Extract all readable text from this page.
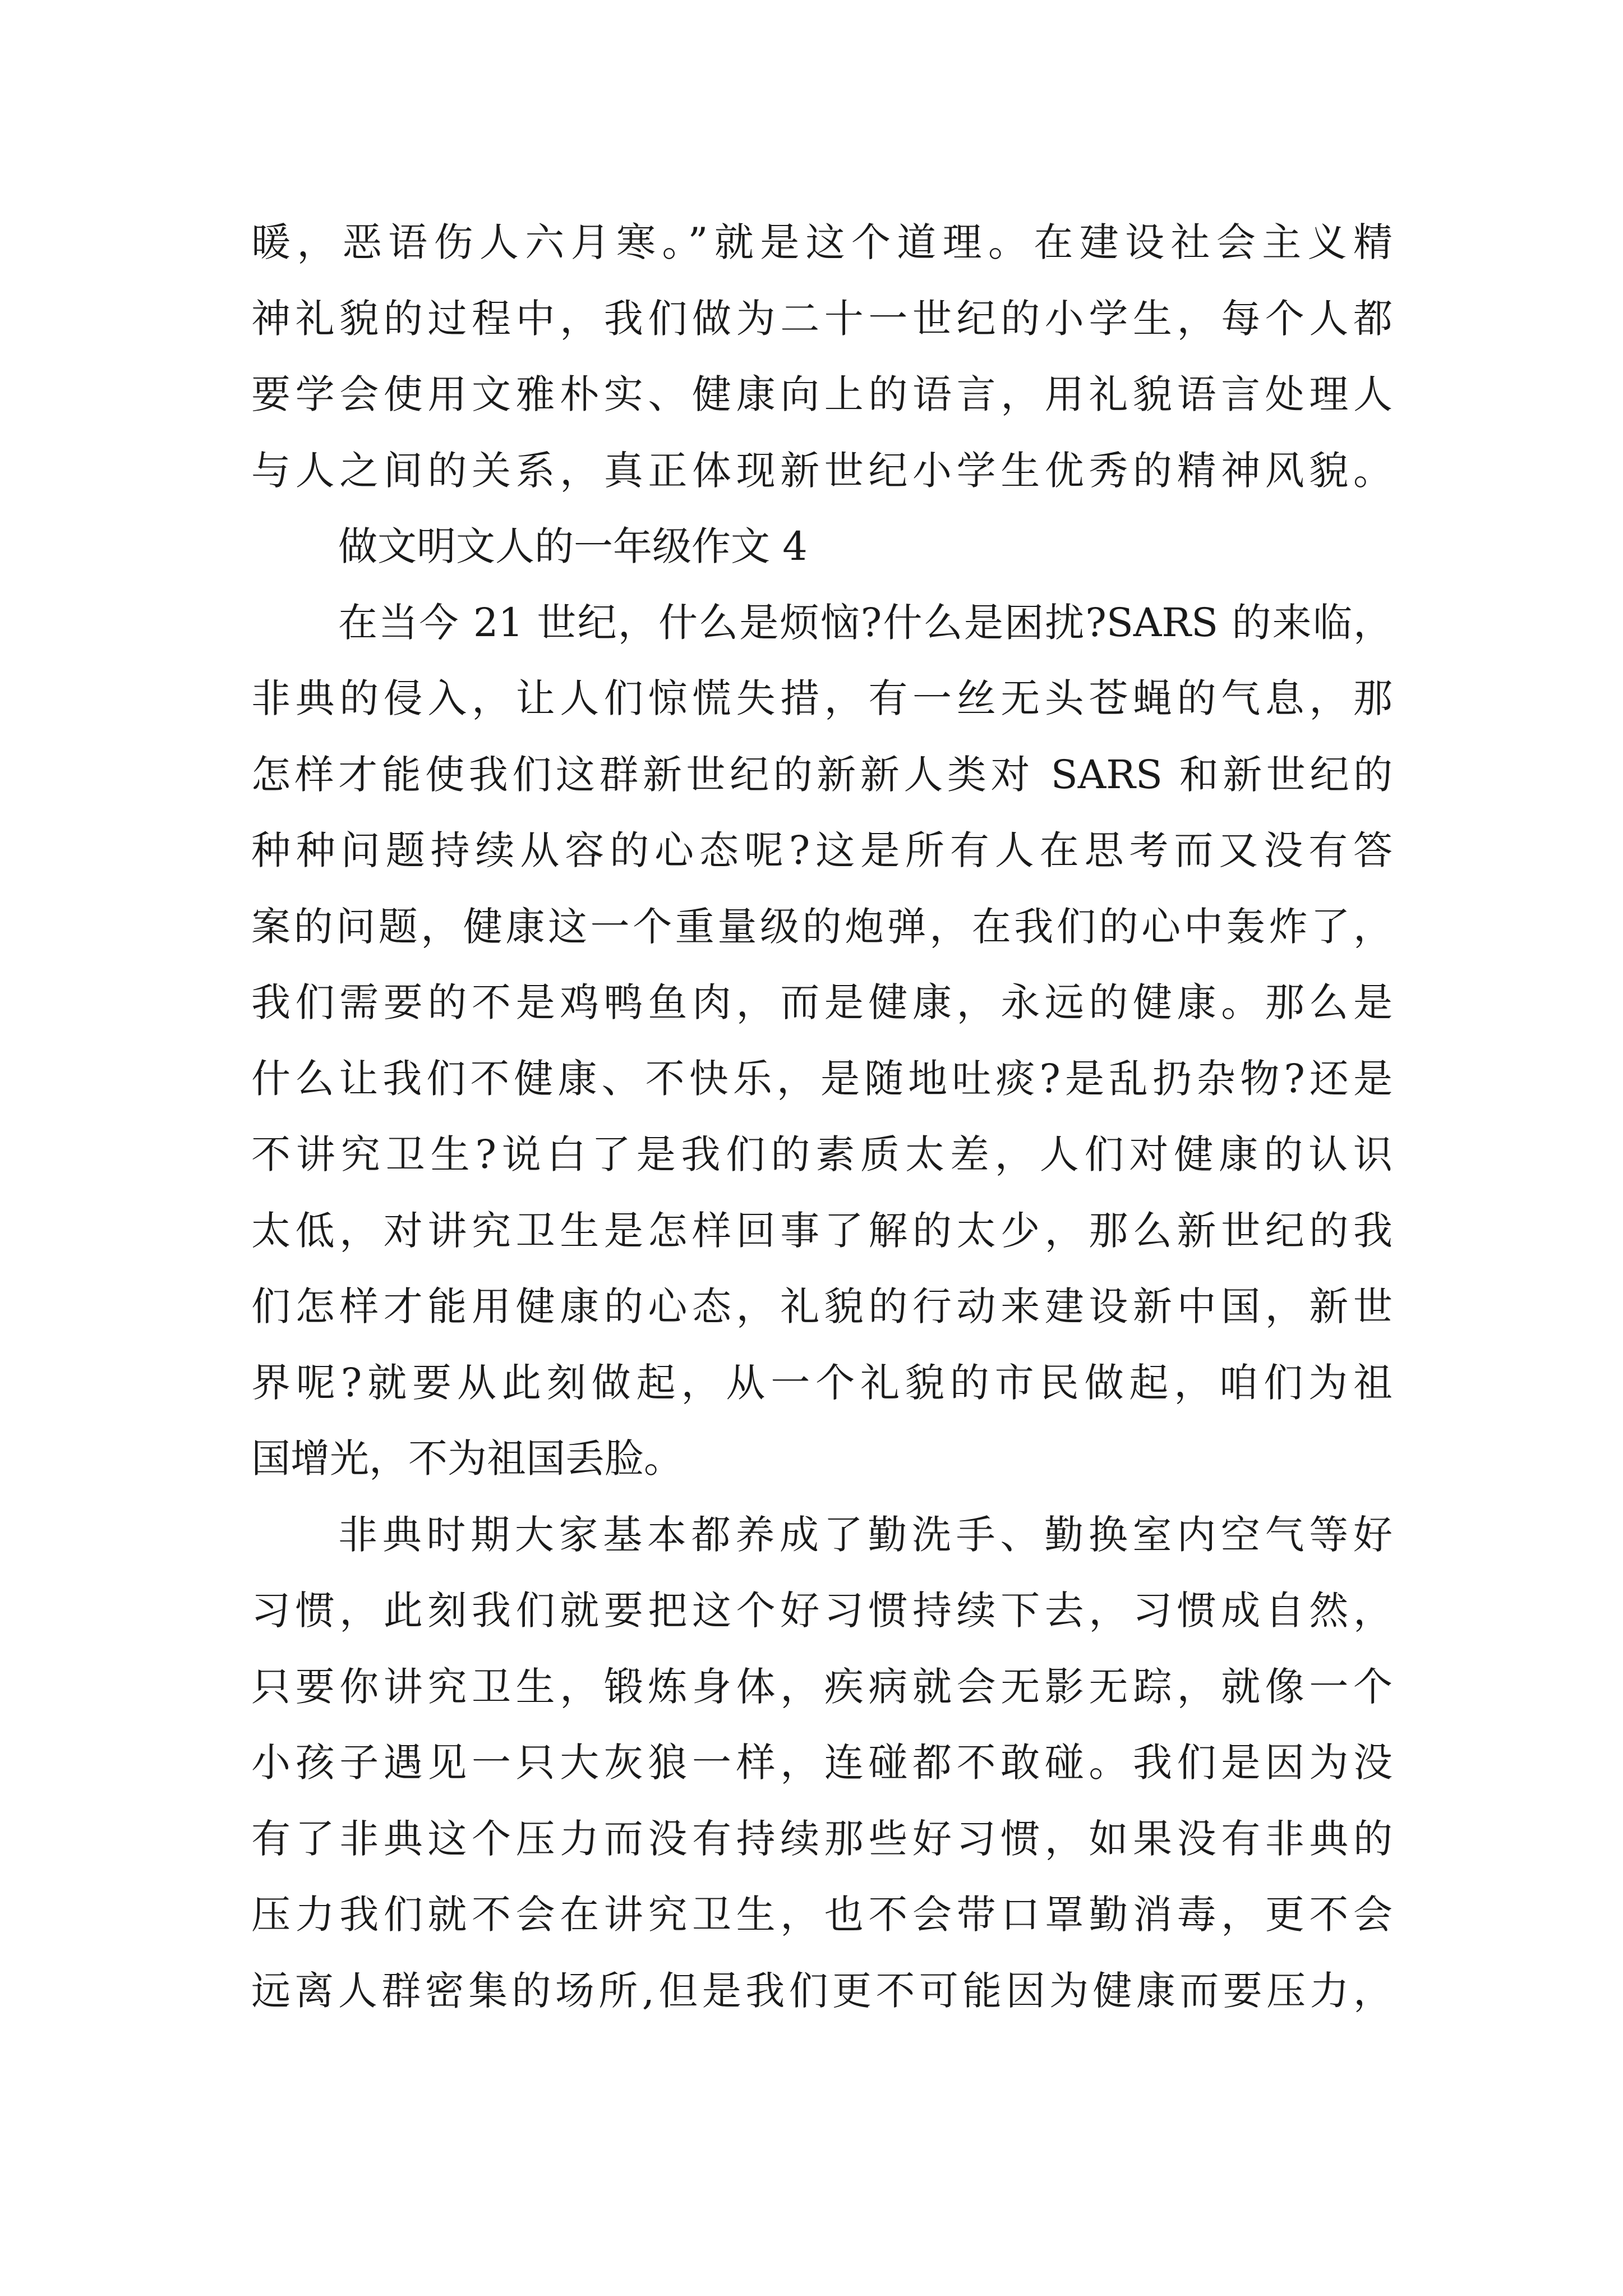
暖，恶语伤人六月寒。”就是这个道理。在建设社会主义精
神礼貌的过程中，我们做为二十一世纪的小学生，每个人都
要学会使用文雅朴实、健康向上的语言，用礼貌语言处理人
与人之间的关系，真正体现新世纪小学生优秀的精神风貌。
做文明文人的一年级作文 4
在当今 21 世纪，什么是烦恼?什么是困扰?SARS 的来临，
非典的侵入，让人们惊慌失措，有一丝无头苍蝇的气息，那
怎样才能使我们这群新世纪的新新人类对 SARS 和新世纪的
种种问题持续从容的心态呢?这是所有人在思考而又没有答
案的问题，健康这一个重量级的炮弹，在我们的心中轰炸了，
我们需要的不是鸡鸭鱼肉，而是健康，永远的健康。那么是
什么让我们不健康、不快乐，是随地吐痰?是乱扔杂物?还是
不讲究卫生?说白了是我们的素质太差，人们对健康的认识
太低，对讲究卫生是怎样回事了解的太少，那么新世纪的我
们怎样才能用健康的心态，礼貌的行动来建设新中国，新世
界呢?就要从此刻做起，从一个礼貌的市民做起，咱们为祖
国增光，不为祖国丢脸。
非典时期大家基本都养成了勤洗手、勤换室内空气等好
习惯，此刻我们就要把这个好习惯持续下去，习惯成自然，
只要你讲究卫生，锻炼身体，疾病就会无影无踪，就像一个
小孩子遇见一只大灰狼一样，连碰都不敢碰。我们是因为没
有了非典这个压力而没有持续那些好习惯，如果没有非典的
压力我们就不会在讲究卫生，也不会带口罩勤消毒，更不会
远离人群密集的场所,但是我们更不可能因为健康而要压力，
